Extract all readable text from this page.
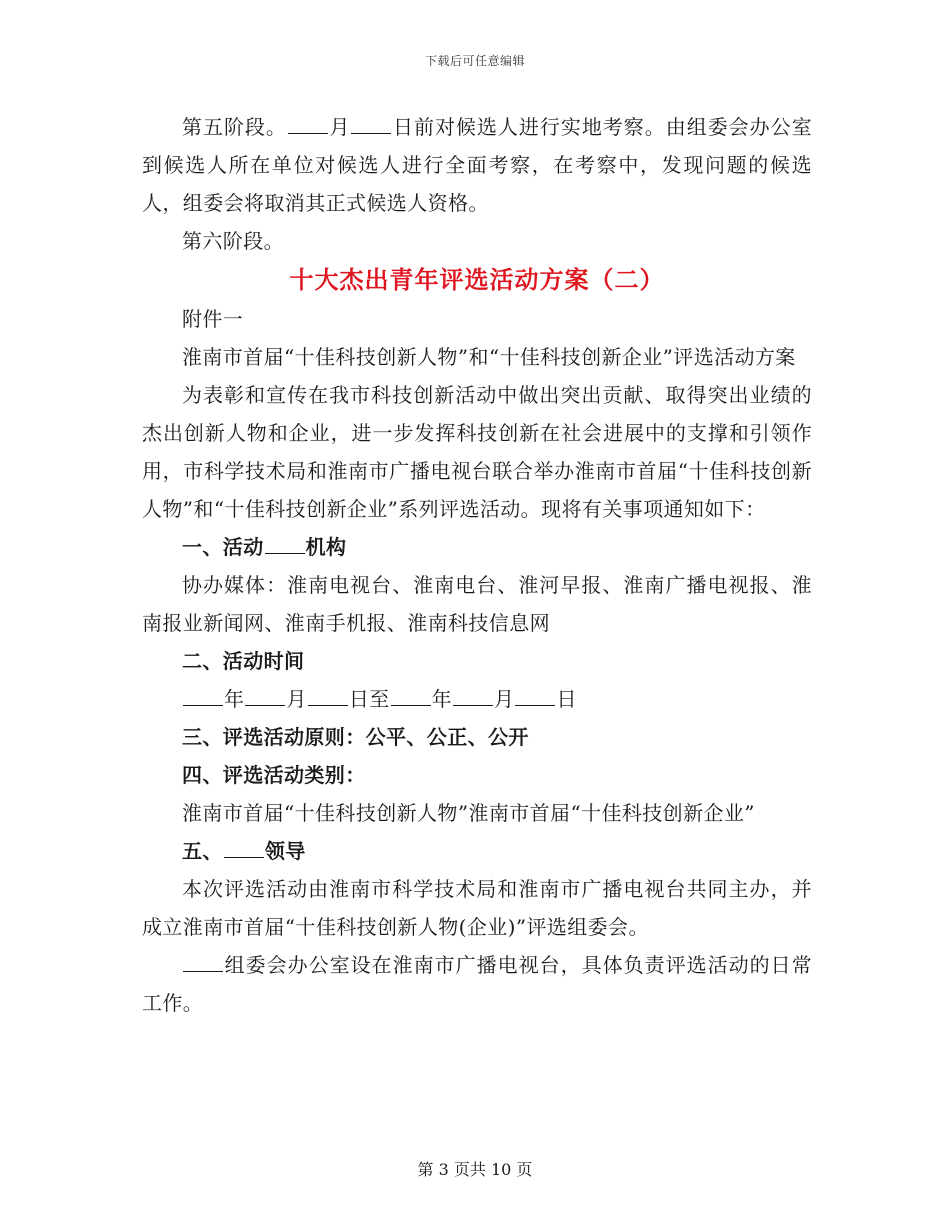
下载后可任意编辑

第五阶段。 月 日前对候选人进行实地考察。由组委会办公室到候选人所在单位对候选人进行全面考察，在考察中，发现问题的候选人，组委会将取消其正式候选人资格。

第六阶段。

十大杰出青年评选活动方案（二）

附件一

淮南市首届“十佳科技创新人物”和“十佳科技创新企业”评选活动方案

为表彰和宣传在我市科技创新活动中做出突出贡献、取得突出业绩的杰出创新人物和企业，进一步发挥科技创新在社会进展中的支撑和引领作用，市科学技术局和淮南市广播电视台联合举办淮南市首届“十佳科技创新人物”和“十佳科技创新企业”系列评选活动。现将有关事项通知如下：

一、活动 机构

协办媒体：淮南电视台、淮南电台、淮河早报、淮南广播电视报、淮南报业新闻网、淮南手机报、淮南科技信息网

二、活动时间

年 月 日至 年 月 日

三、评选活动原则：公平、公正、公开

四、评选活动类别：

淮南市首届“十佳科技创新人物”淮南市首届“十佳科技创新企业”

五、 领导

本次评选活动由淮南市科学技术局和淮南市广播电视台共同主办，并成立淮南市首届“十佳科技创新人物(企业)”评选组委会。

组委会办公室设在淮南市广播电视台，具体负责评选活动的日常工作。

第 3 页共 10 页
